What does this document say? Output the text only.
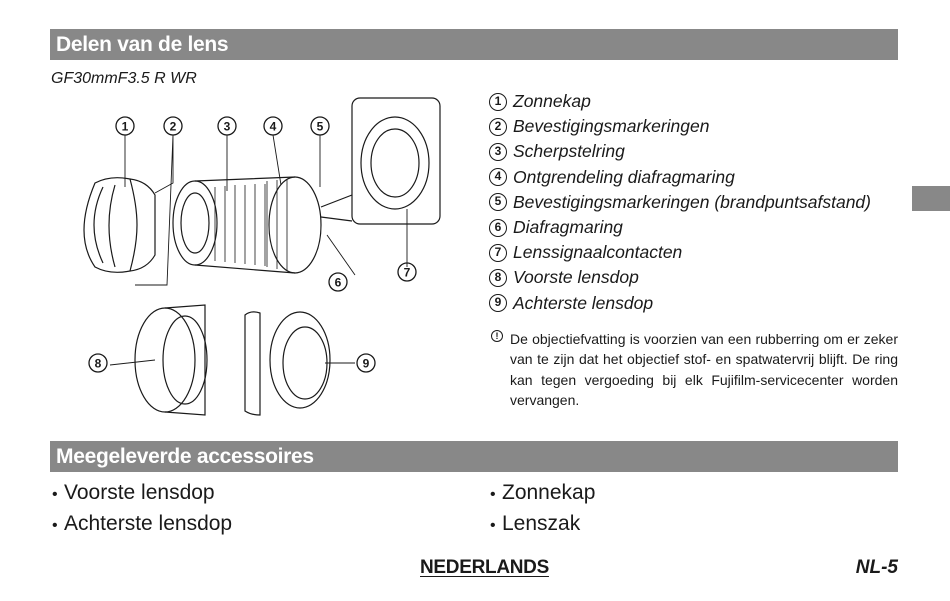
Delen van de lens
GF30mmF3.5 R WR
1	2	3	4	5
6
7
8	9
1 Zonnekap
2 Bevestigingsmarkeringen
3 Scherpstelring
4 Ontgrendeling diafragmaring
5 Bevestigingsmarkeringen (brandpuntsafstand)
6 Diafragmaring
7 Lenssignaalcontacten
8 Voorste lensdop
9 Achterste lensdop
! De objectiefvatting is voorzien van een rubberring om er zeker van te zijn dat het objectief stof- en spatwatervrij blijft. De ring kan tegen vergoeding bij elk Fujifilm-servicecenter worden vervangen.
Meegeleverde accessoires
• Voorste lensdop
• Achterste lensdop
• Zonnekap
• Lenszak
NEDERLANDS	NL-5
